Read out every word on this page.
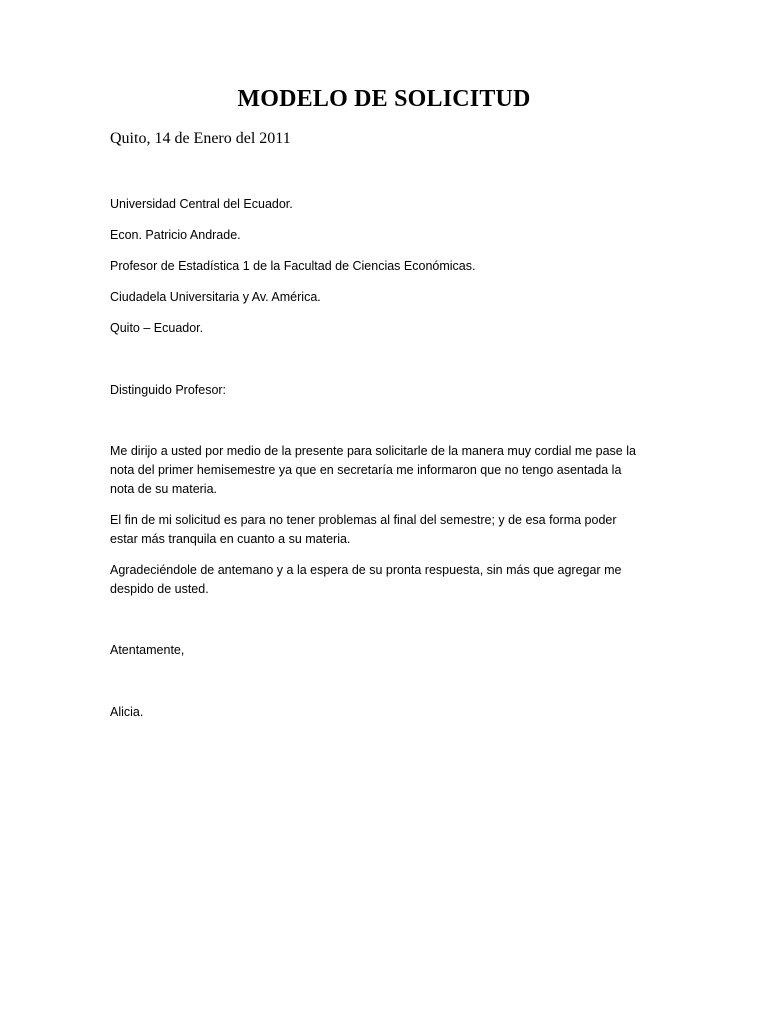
MODELO DE SOLICITUD

Quito, 14 de Enero del 2011

Universidad Central del Ecuador.

Econ. Patricio Andrade.

Profesor de Estadística 1 de la Facultad de Ciencias Económicas.

Ciudadela Universitaria y Av. América.

Quito – Ecuador.

Distinguido Profesor:

Me dirijo a usted por medio de la presente para solicitarle de la manera muy cordial me pase la
nota del primer hemisemestre ya que en secretaría me informaron que no tengo asentada la
nota de su materia.
El fin de mi solicitud es para no tener problemas al final del semestre; y de esa forma poder
estar más tranquila en cuanto a su materia.
Agradeciéndole de antemano y a la espera de su pronta respuesta, sin más que agregar me
despido de usted.

Atentamente,

Alicia.
